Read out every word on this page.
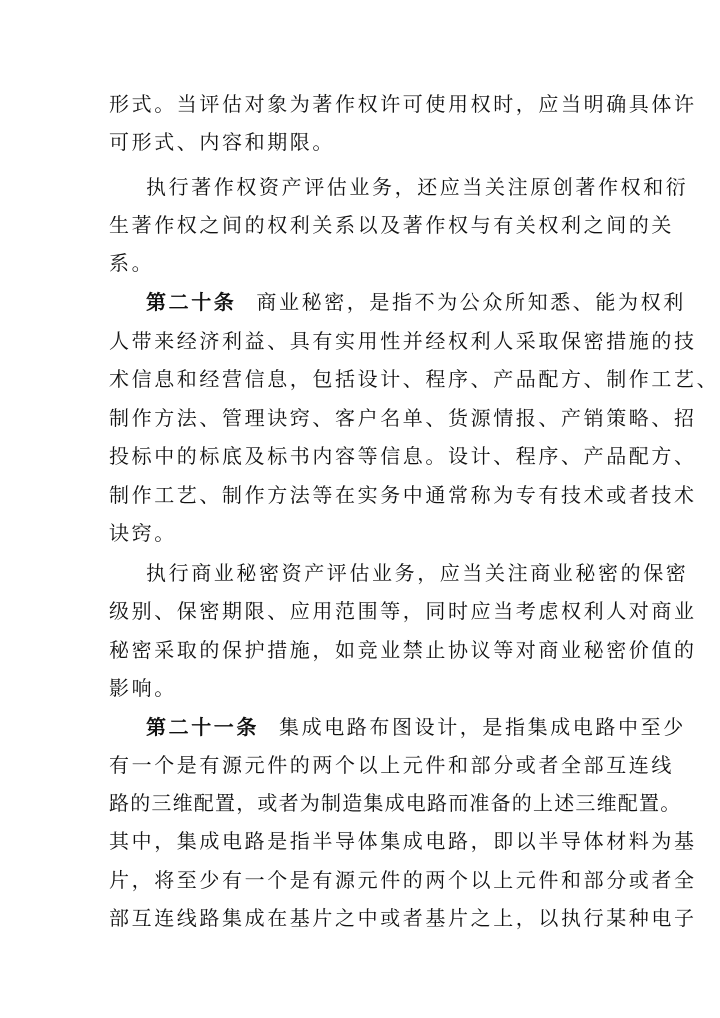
形式。当评估对象为著作权许可使用权时，应当明确具体许
可形式、内容和期限。
执行著作权资产评估业务，还应当关注原创著作权和衍
生著作权之间的权利关系以及著作权与有关权利之间的关
系。
第二十条 商业秘密，是指不为公众所知悉、能为权利
人带来经济利益、具有实用性并经权利人采取保密措施的技
术信息和经营信息，包括设计、程序、产品配方、制作工艺、
制作方法、管理诀窍、客户名单、货源情报、产销策略、招
投标中的标底及标书内容等信息。设计、程序、产品配方、
制作工艺、制作方法等在实务中通常称为专有技术或者技术
诀窍。
执行商业秘密资产评估业务，应当关注商业秘密的保密
级别、保密期限、应用范围等，同时应当考虑权利人对商业
秘密采取的保护措施，如竞业禁止协议等对商业秘密价值的
影响。
第二十一条 集成电路布图设计，是指集成电路中至少
有一个是有源元件的两个以上元件和部分或者全部互连线
路的三维配置，或者为制造集成电路而准备的上述三维配置。
其中，集成电路是指半导体集成电路，即以半导体材料为基
片，将至少有一个是有源元件的两个以上元件和部分或者全
部互连线路集成在基片之中或者基片之上，以执行某种电子
